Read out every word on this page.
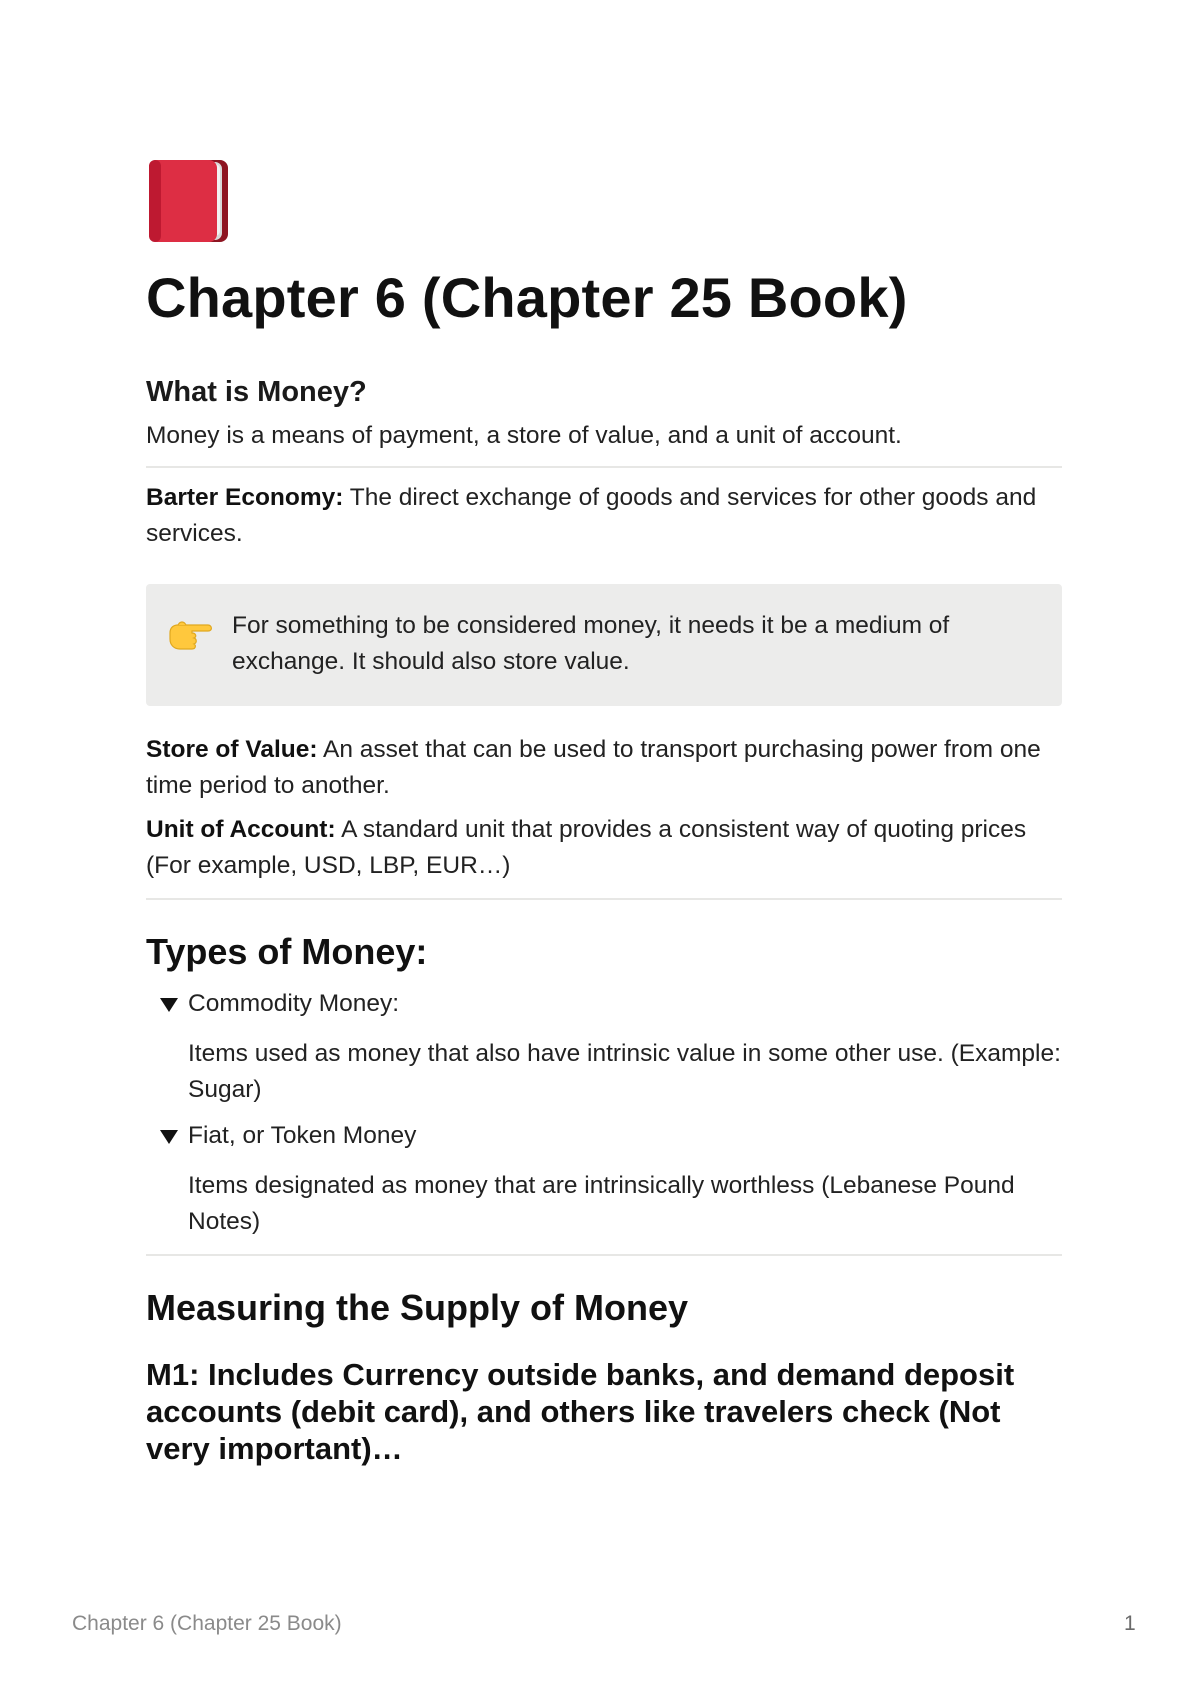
Chapter 6 (Chapter 25 Book)
What is Money?

Money is a means of payment, a store of value, and a unit of account.

Barter Economy: The direct exchange of goods and services for other goods and services.

For something to be considered money, it needs it be a medium of exchange. It should also store value.

Store of Value: An asset that can be used to transport purchasing power from one time period to another.

Unit of Account: A standard unit that provides a consistent way of quoting prices (For example, USD, LBP, EUR…)

Types of Money:

Commodity Money:

Items used as money that also have intrinsic value in some other use. (Example: Sugar)

Fiat, or Token Money

Items designated as money that are intrinsically worthless (Lebanese Pound Notes)

Measuring the Supply of Money

M1: Includes Currency outside banks, and demand deposit accounts (debit card), and others like travelers check (Not very important)…

Chapter 6 (Chapter 25 Book)	1
